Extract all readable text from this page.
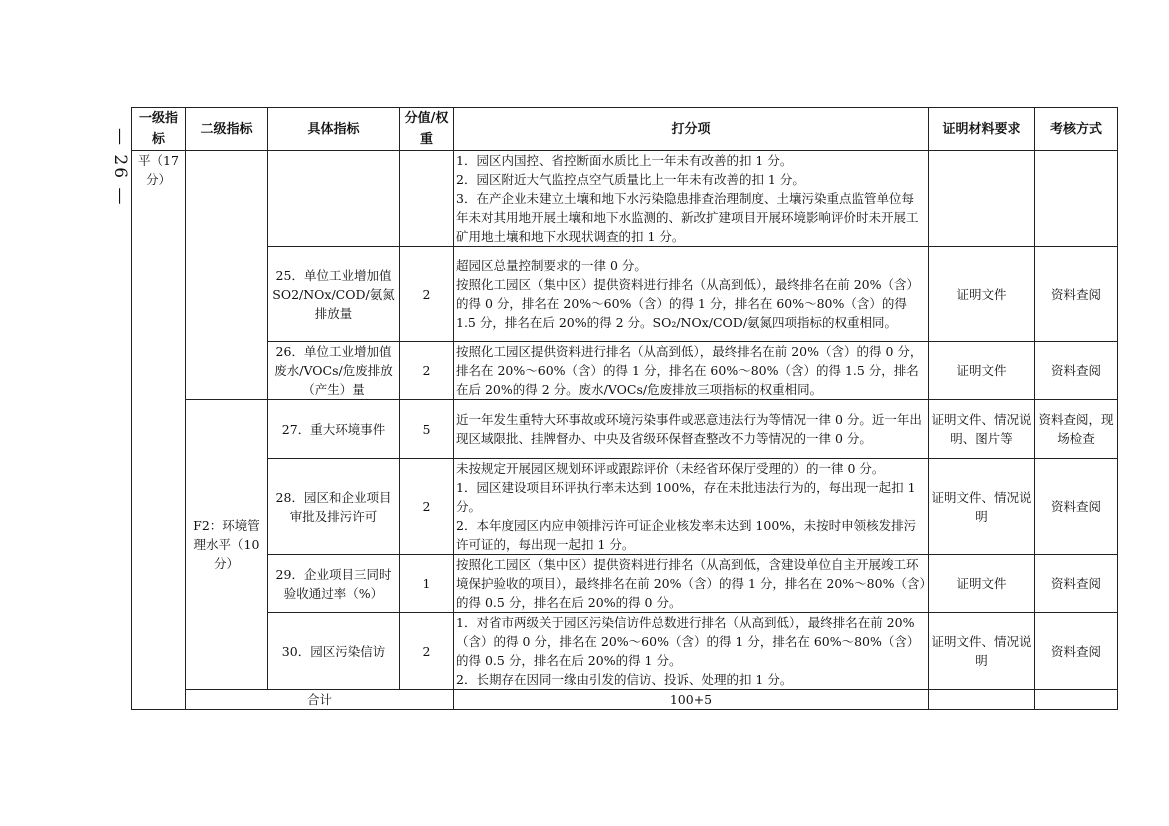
— 26 —
一级指标	二级指标	具体指标	分值/权重	打分项	证明材料要求	考核方式	
平（17分）				1．园区内国控、省控断面水质比上一年未有改善的扣 1 分。
2．园区附近大气监控点空气质量比上一年未有改善的扣 1 分。
3．在产企业未建立土壤和地下水污染隐患排查治理制度、土壤污染重点监管单位每年未对其用地开展土壤和地下水监测的、新改扩建项目开展环境影响评价时未开展工矿用地土壤和地下水现状调查的扣 1 分。			

		25．单位工业增加值 SO2/NOx/COD/氨氮排放量	2	超园区总量控制要求的一律 0 分。
按照化工园区（集中区）提供资料进行排名（从高到低），最终排名在前 20%（含）的得 0 分，排名在 20%～60%（含）的得 1 分，排名在 60%～80%（含）的得 1.5 分，排名在后 20%的得 2 分。SO₂/NOx/COD/氨氮四项指标的权重相同。	证明文件	资料查阅	
		26．单位工业增加值废水/VOCs/危废排放（产生）量	2	按照化工园区提供资料进行排名（从高到低），最终排名在前 20%（含）的得 0 分，排名在 20%～60%（含）的得 1 分，排名在 60%～80%（含）的得 1.5 分，排名在后 20%的得 2 分。废水/VOCs/危废排放三项指标的权重相同。	证明文件	资料查阅	
	F2：环境管理水平（10分）	27．重大环境事件	5	近一年发生重特大环事故或环境污染事件或恶意违法行为等情况一律 0 分。近一年出现区域限批、挂牌督办、中央及省级环保督查整改不力等情况的一律 0 分。	证明文件、情况说明、图片等	资料查阅，现场检查	
		28．园区和企业项目审批及排污许可	2	未按规定开展园区规划环评或跟踪评价（未经省环保厅受理的）的一律 0 分。
1．园区建设项目环评执行率未达到 100%，存在未批违法行为的，每出现一起扣 1 分。
2．本年度园区内应申领排污许可证企业核发率未达到 100%，未按时申领核发排污许可证的，每出现一起扣 1 分。	证明文件、情况说明	资料查阅	
		29．企业项目三同时验收通过率（%）	1	按照化工园区（集中区）提供资料进行排名（从高到低，含建设单位自主开展竣工环境保护验收的项目），最终排名在前 20%（含）的得 1 分，排名在 20%～80%（含）的得 0.5 分，排名在后 20%的得 0 分。	证明文件	资料查阅	
		30．园区污染信访	2	1．对省市两级关于园区污染信访件总数进行排名（从高到低），最终排名在前 20%（含）的得 0 分，排名在 20%～60%（含）的得 1 分，排名在 60%～80%（含）的得 0.5 分，排名在后 20%的得 1 分。
2．长期存在因同一缘由引发的信访、投诉、处理的扣 1 分。	证明文件、情况说明	资料查阅	
	合计			100+5			
